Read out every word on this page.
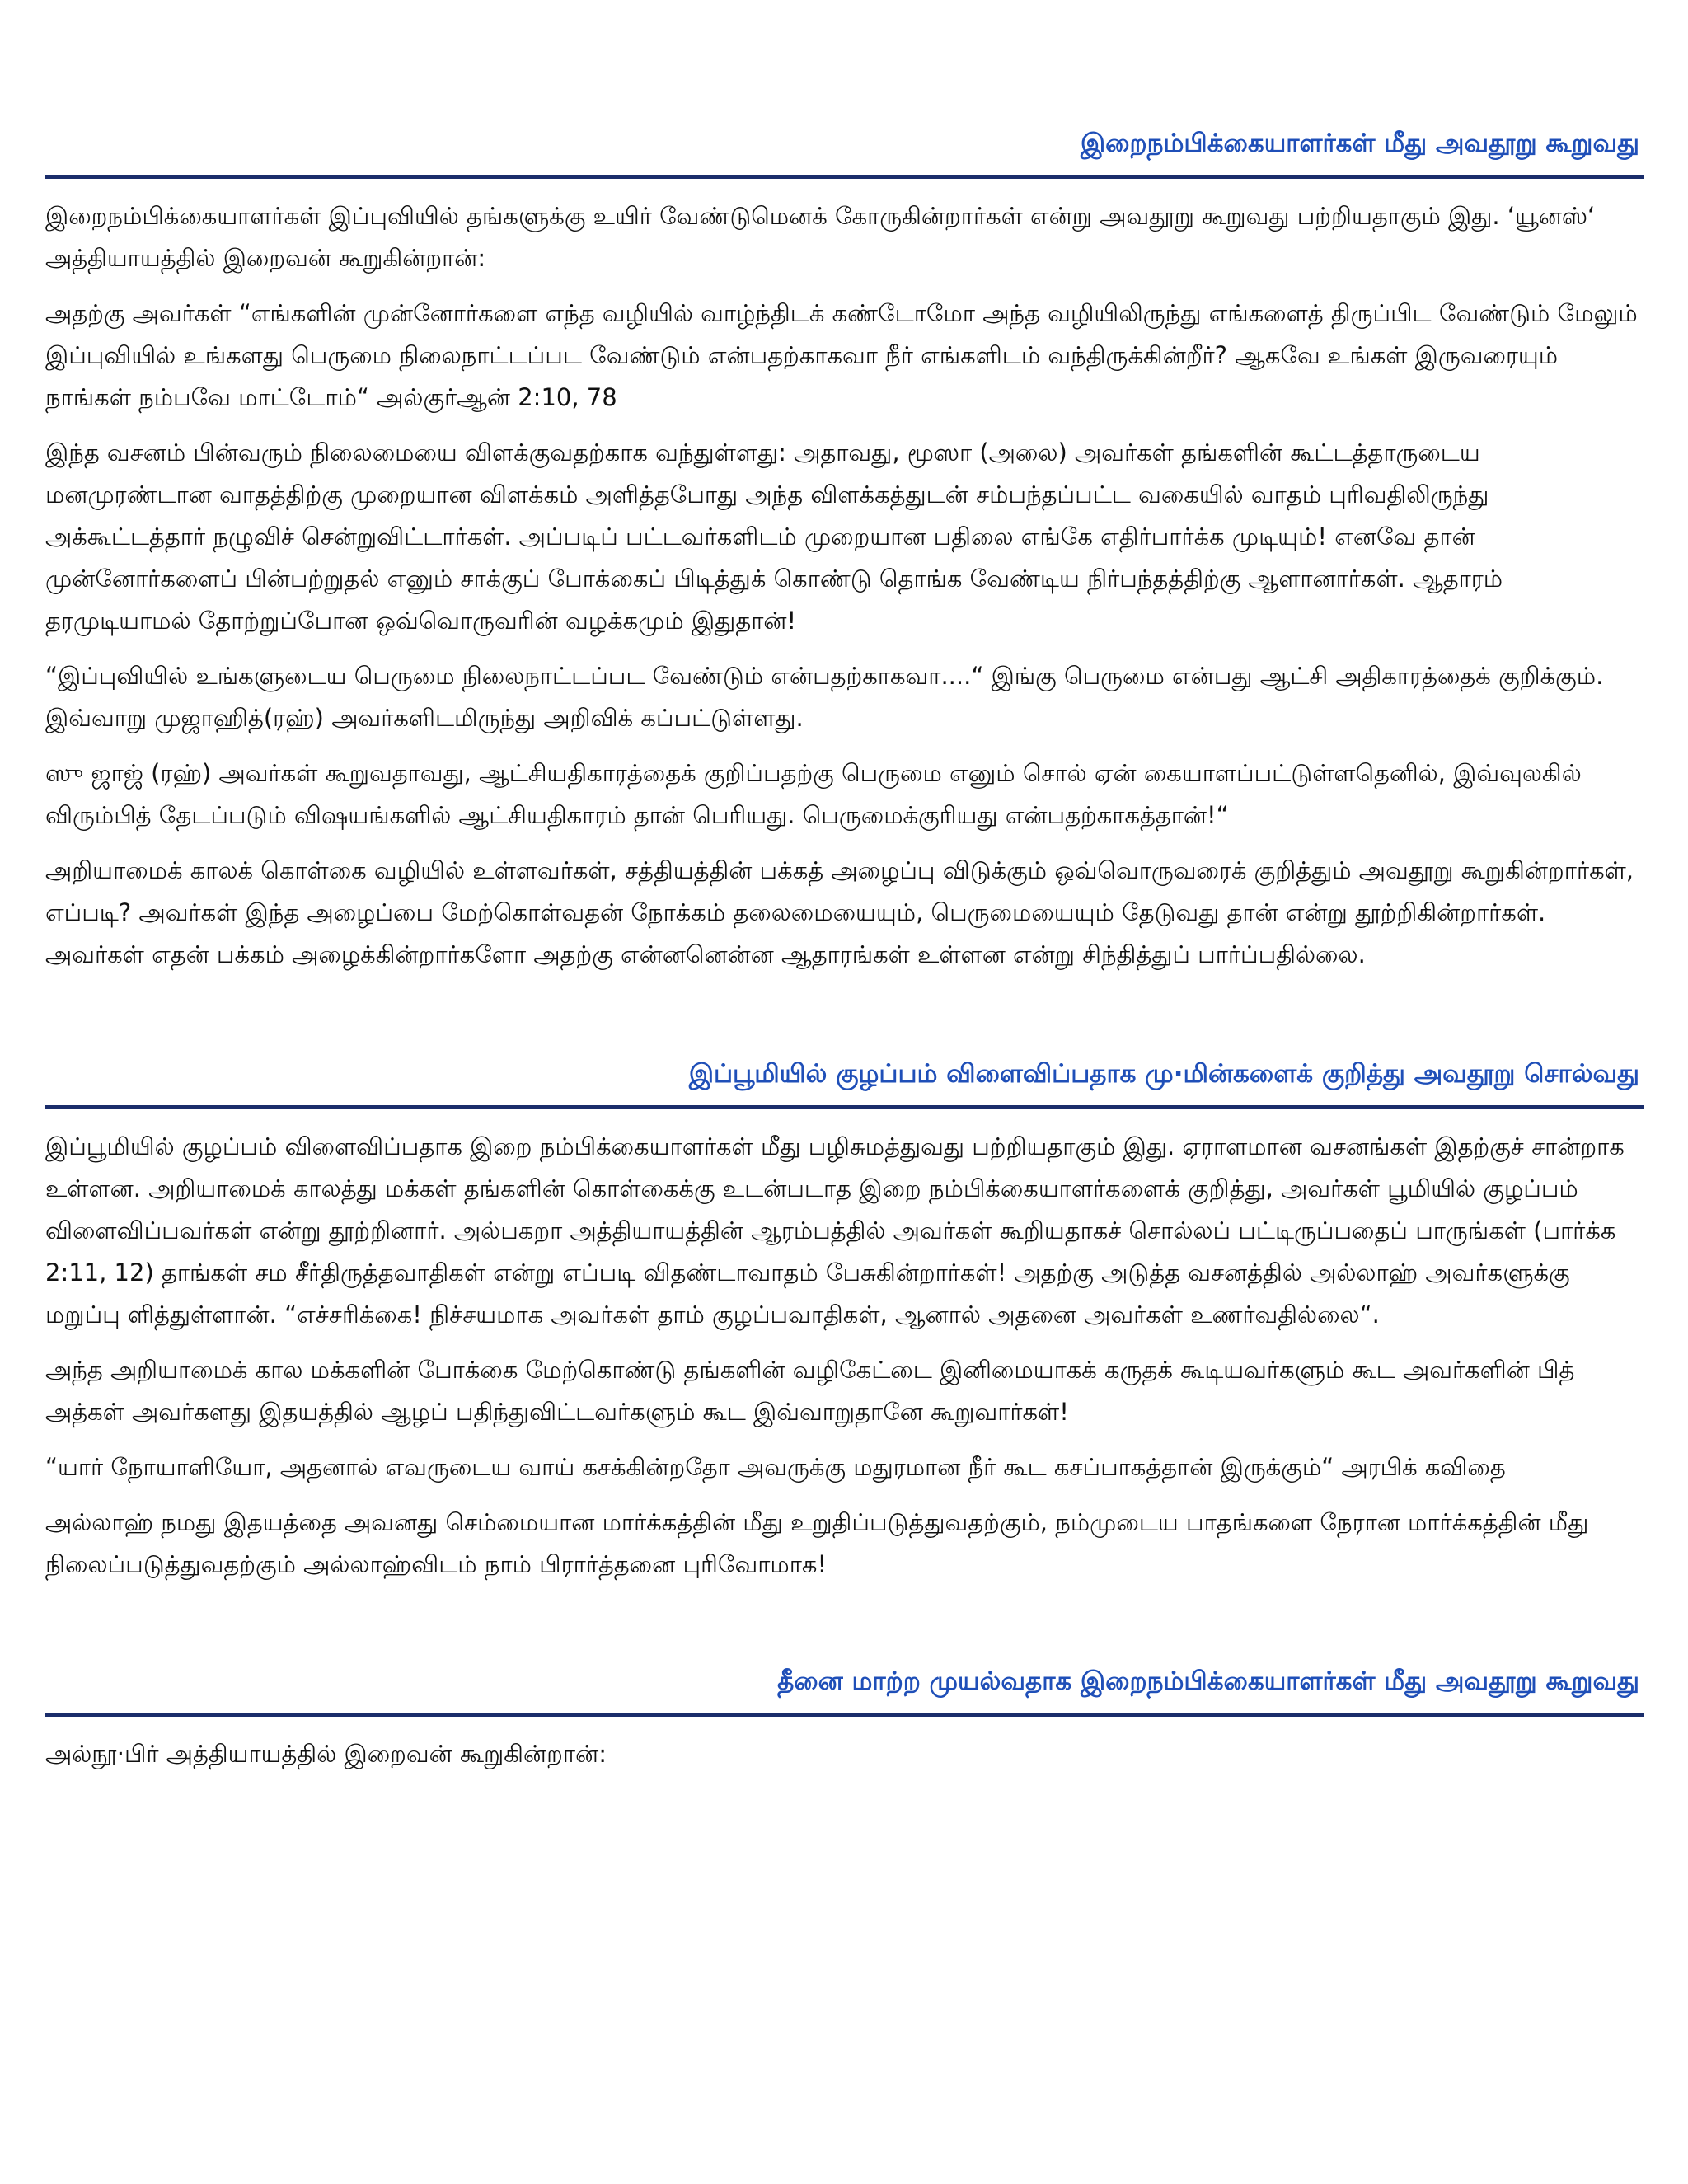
இறைநம்பிக்கையாளர்கள் மீது அவதூறு கூறுவது

இறைநம்பிக்கையாளர்கள் இப்புவியில் தங்களுக்கு உயிர் வேண்டுமெனக் கோருகின்றார்கள் என்று அவதூறு கூறுவது பற்றியதாகும் இது. ‘யூனஸ்‘ அத்தியாயத்தில் இறைவன் கூறுகின்றான்:

அதற்கு அவர்கள் “எங்களின் முன்னோர்களை எந்த வழியில் வாழ்ந்திடக் கண்டோமோ அந்த வழியிலிருந்து எங்களைத் திருப்பிட வேண்டும் மேலும் இப்புவியில் உங்களது பெருமை நிலைநாட்டப்பட வேண்டும் என்பதற்காகவா நீர் எங்களிடம் வந்திருக்கின்றீர்? ஆகவே உங்கள் இருவரையும் நாங்கள் நம்பவே மாட்டோம்“ அல்குர்ஆன் 2:10, 78

இந்த வசனம் பின்வரும் நிலைமையை விளக்குவதற்காக வந்துள்ளது: அதாவது, மூஸா (அலை) அவர்கள் தங்களின் கூட்டத்தாருடைய மனமுரண்டான வாதத்திற்கு முறையான விளக்கம் அளித்தபோது அந்த விளக்கத்துடன் சம்பந்தப்பட்ட வகையில் வாதம் புரிவதிலிருந்து அக்கூட்டத்தார் நழுவிச் சென்றுவிட்டார்கள். அப்படிப் பட்டவர்களிடம் முறையான பதிலை எங்கே எதிர்பார்க்க முடியும்! எனவே தான் முன்னோர்களைப் பின்பற்றுதல் எனும் சாக்குப் போக்கைப் பிடித்துக் கொண்டு தொங்க வேண்டிய நிர்பந்தத்திற்கு ஆளானார்கள். ஆதாரம் தரமுடியாமல் தோற்றுப்போன ஒவ்வொருவரின் வழக்கமும் இதுதான்!

“இப்புவியில் உங்களுடைய பெருமை நிலைநாட்டப்பட வேண்டும் என்பதற்காகவா....“ இங்கு பெருமை என்பது ஆட்சி அதிகாரத்தைக் குறிக்கும். இவ்வாறு முஜாஹித்(ரஹ்) அவர்களிடமிருந்து அறிவிக் கப்பட்டுள்ளது.

ஸு ஜாஜ் (ரஹ்) அவர்கள் கூறுவதாவது, ஆட்சியதிகாரத்தைக் குறிப்பதற்கு பெருமை எனும் சொல் ஏன் கையாளப்பட்டுள்ளதெனில், இவ்வுலகில் விரும்பித் தேடப்படும் விஷயங்களில் ஆட்சியதிகாரம் தான் பெரியது. பெருமைக்குரியது என்பதற்காகத்தான்!“

அறியாமைக் காலக் கொள்கை வழியில் உள்ளவர்கள், சத்தியத்தின் பக்கத் அழைப்பு விடுக்கும் ஒவ்வொருவரைக் குறித்தும் அவதூறு கூறுகின்றார்கள், எப்படி? அவர்கள் இந்த அழைப்பை மேற்கொள்வதன் நோக்கம் தலைமையையும், பெருமையையும் தேடுவது தான் என்று தூற்றிகின்றார்கள். அவர்கள் எதன் பக்கம் அழைக்கின்றார்களோ அதற்கு என்னனென்ன ஆதாரங்கள் உள்ளன என்று சிந்தித்துப் பார்ப்பதில்லை.

இப்பூமியில் குழப்பம் விளைவிப்பதாக மு·மின்களைக் குறித்து அவதூறு சொல்வது

இப்பூமியில் குழப்பம் விளைவிப்பதாக இறை நம்பிக்கையாளர்கள் மீது பழிசுமத்துவது பற்றியதாகும் இது. ஏராளமான வசனங்கள் இதற்குச் சான்றாக உள்ளன. அறியாமைக் காலத்து மக்கள் தங்களின் கொள்கைக்கு உடன்படாத இறை நம்பிக்கையாளர்களைக் குறித்து, அவர்கள் பூமியில் குழப்பம் விளைவிப்பவர்கள் என்று தூற்றினார். அல்பகறா அத்தியாயத்தின் ஆரம்பத்தில் அவர்கள் கூறியதாகச் சொல்லப் பட்டிருப்பதைப் பாருங்கள் (பார்க்க 2:11, 12) தாங்கள் சம சீர்திருத்தவாதிகள் என்று எப்படி விதண்டாவாதம் பேசுகின்றார்கள்! அதற்கு அடுத்த வசனத்தில் அல்லாஹ் அவர்களுக்கு மறுப்பு ளித்துள்ளான். “எச்சரிக்கை! நிச்சயமாக அவர்கள் தாம் குழப்பவாதிகள், ஆனால் அதனை அவர்கள் உணர்வதில்லை“.

அந்த அறியாமைக் கால மக்களின் போக்கை மேற்கொண்டு தங்களின் வழிகேட்டை இனிமையாகக் கருதக் கூடியவர்களும் கூட அவர்களின் பித் அத்கள் அவர்களது இதயத்தில் ஆழப் பதிந்துவிட்டவர்களும் கூட இவ்வாறுதானே கூறுவார்கள்!

“யார் நோயாளியோ, அதனால் எவருடைய வாய் கசக்கின்றதோ அவருக்கு மதுரமான நீர் கூட கசப்பாகத்தான் இருக்கும்“ அரபிக் கவிதை

அல்லாஹ் நமது இதயத்தை அவனது செம்மையான மார்க்கத்தின் மீது உறுதிப்படுத்துவதற்கும், நம்முடைய பாதங்களை நேரான மார்க்கத்தின் மீது நிலைப்படுத்துவதற்கும் அல்லாஹ்விடம் நாம் பிரார்த்தனை புரிவோமாக!

தீனை மாற்ற முயல்வதாக இறைநம்பிக்கையாளர்கள் மீது அவதூறு கூறுவது

அல்நூ·பிர் அத்தியாயத்தில் இறைவன் கூறுகின்றான்:
